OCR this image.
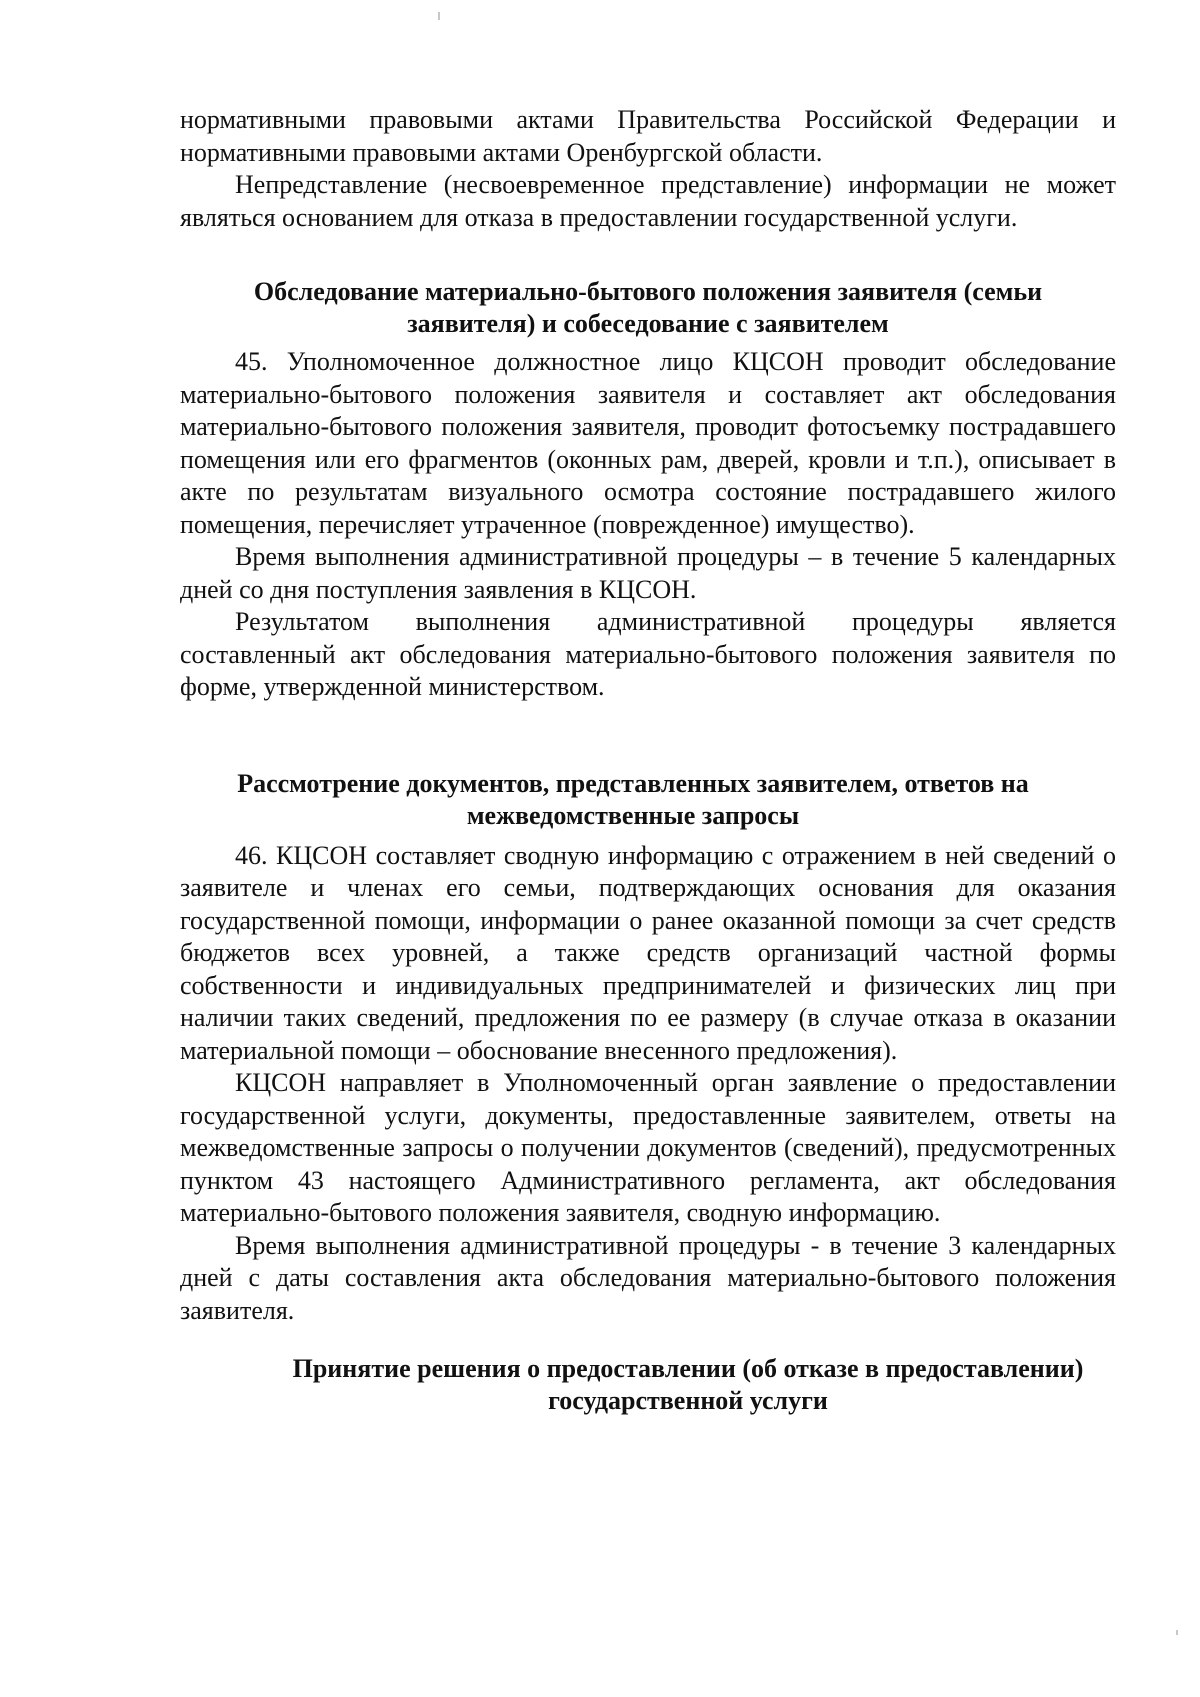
нормативными правовыми актами Правительства Российской Федерации и нормативными правовыми актами Оренбургской области.

Непредставление (несвоевременное представление) информации не может являться основанием для отказа в предоставлении государственной услуги.

Обследование материально-бытового положения заявителя (семьи
заявителя) и собеседование с заявителем

45. Уполномоченное должностное лицо КЦСОН проводит обследование материально-бытового положения заявителя и составляет акт обследования материально-бытового положения заявителя, проводит фотосъемку пострадавшего помещения или его фрагментов (оконных рам, дверей, кровли и т.п.), описывает в акте по результатам визуального осмотра состояние пострадавшего жилого помещения, перечисляет утраченное (поврежденное) имущество).

Время выполнения административной процедуры – в течение 5 календарных дней со дня поступления заявления в КЦСОН.

Результатом выполнения административной процедуры является составленный акт обследования материально-бытового положения заявителя по форме, утвержденной министерством.

Рассмотрение документов, представленных заявителем, ответов на
межведомственные запросы

46. КЦСОН составляет сводную информацию с отражением в ней сведений о заявителе и членах его семьи, подтверждающих основания для оказания государственной помощи, информации о ранее оказанной помощи за счет средств бюджетов всех уровней, а также средств организаций частной формы собственности и индивидуальных предпринимателей и физических лиц при наличии таких сведений, предложения по ее размеру (в случае отказа в оказании материальной помощи – обоснование внесенного предложения).

КЦСОН направляет в Уполномоченный орган заявление о предоставлении государственной услуги, документы, предоставленные заявителем, ответы на межведомственные запросы о получении документов (сведений), предусмотренных пунктом 43 настоящего Административного регламента, акт обследования материально-бытового положения заявителя, сводную информацию.

Время выполнения административной процедуры - в течение 3 календарных дней с даты составления акта обследования материально-бытового положения заявителя.

Принятие решения о предоставлении (об отказе в предоставлении)
государственной услуги
